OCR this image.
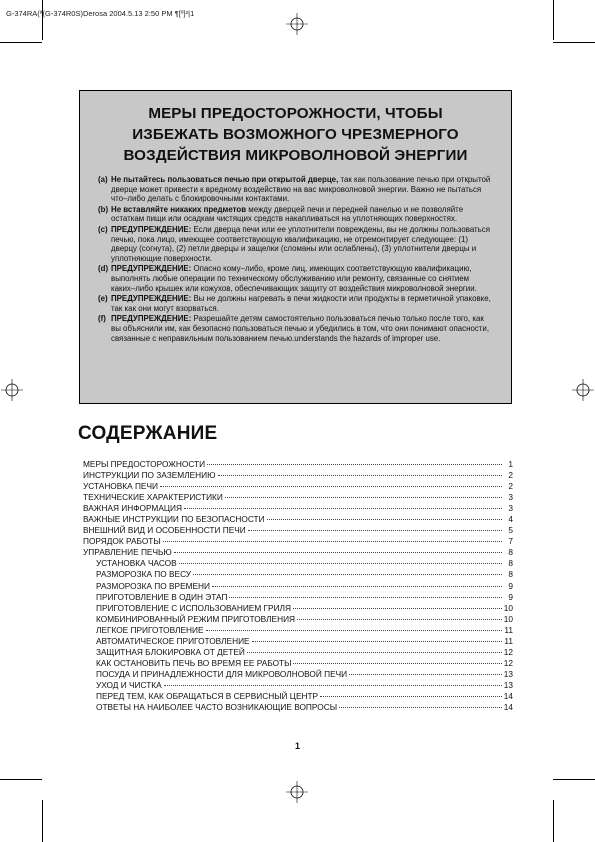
G-374RA(ª(G-374R0S)Derosa 2004.5.13 2:50 PM ¶[º]²|1
МЕРЫ ПРЕДОСТОРОЖНОСТИ, ЧТОБЫ
ИЗБЕЖАТЬ ВОЗМОЖНОГО ЧРЕЗМЕРНОГО
ВОЗДЕЙСТВИЯ МИКРОВОЛНОВОЙ ЭНЕРГИИ
(a) Не пытайтесь пользоваться печью при открытой дверце, так как пользование печью при открытой дверце может привести к вредному воздействию на вас микроволновой энергии. Важно не пытаться что–либо делать с блокировочными контактами.
(b) Не вставляйте никаких предметов между дверцей печи и передней панелью и не позволяйте остаткам пищи или осадкам чистящих средств накапливаться на уплотняющих поверхностях.
(c) ПРЕДУПРЕЖДЕНИЕ: Если дверца печи или ее уплотнители повреждены, вы не должны пользоваться печью, пока лицо, имеющее соответствующую квалификацию, не отремонтирует следующее: (1) дверцу (согнута), (2) петли дверцы и защелки (сломаны или ослаблены), (3) уплотнители дверцы и уплотняющие поверхности.
(d) ПРЕДУПРЕЖДЕНИЕ: Опасно кому–либо, кроме лиц, имеющих соответствующую квалификацию, выполнять любые операции по техническому обслуживанию или ремонту, связанные со снятием каких–либо крышек или кожухов, обеспечивающих защиту от воздействия микроволновой энергии.
(e) ПРЕДУПРЕЖДЕНИЕ: Вы не должны нагревать в печи жидкости или продукты в герметичной упаковке, так как они могут взорваться.
(f) ПРЕДУПРЕЖДЕНИЕ: Разрешайте детям самостоятельно пользоваться печью только после того, как вы объяснили им, как безопасно пользоваться печью и убедились в том, что они понимают опасности, связанные с неправильным пользованием печью.understands the hazards of improper use.
СОДЕРЖАНИЕ
МЕРЫ ПРЕДОСТОРОЖНОСТИ	1
ИНСТРУКЦИИ ПО ЗАЗЕМЛЕНИЮ	2
УСТАНОВКА ПЕЧИ	2
ТЕХНИЧЕСКИЕ ХАРАКТЕРИСТИКИ	3
ВАЖНАЯ ИНФОРМАЦИЯ	3
ВАЖНЫЕ ИНСТРУКЦИИ ПО БЕЗОПАСНОСТИ	4
ВНЕШНИЙ ВИД И ОСОБЕННОСТИ ПЕЧИ	5
ПОРЯДОК РАБОТЫ	7
УПРАВЛЕНИЕ ПЕЧЬЮ	8
УСТАНОВКА ЧАСОВ	8
РАЗМОРОЗКА ПО ВЕСУ	8
РАЗМОРОЗКА ПО ВРЕМЕНИ	9
ПРИГОТОВЛЕНИЕ В ОДИН ЭТАП	9
ПРИГОТОВЛЕНИЕ С ИСПОЛЬЗОВАНИЕМ ГРИЛЯ	10
КОМБИНИРОВАННЫЙ РЕЖИМ ПРИГОТОВЛЕНИЯ	10
ЛЕГКОЕ ПРИГОТОВЛЕНИЕ	11
АВТОМАТИЧЕСКОЕ ПРИГОТОВЛЕНИЕ	11
ЗАЩИТНАЯ БЛОКИРОВКА ОТ ДЕТЕЙ	12
КАК ОСТАНОВИТЬ ПЕЧЬ ВО ВРЕМЯ ЕЕ РАБОТЫ	12
ПОСУДА И ПРИНАДЛЕЖНОСТИ ДЛЯ МИКРОВОЛНОВОЙ ПЕЧИ	13
УХОД И ЧИСТКА	13
ПЕРЕД ТЕМ, КАК ОБРАЩАТЬСЯ В СЕРВИСНЫЙ ЦЕНТР	14
ОТВЕТЫ НА НАИБОЛЕЕ ЧАСТО ВОЗНИКАЮЩИЕ ВОПРОСЫ	14
1
